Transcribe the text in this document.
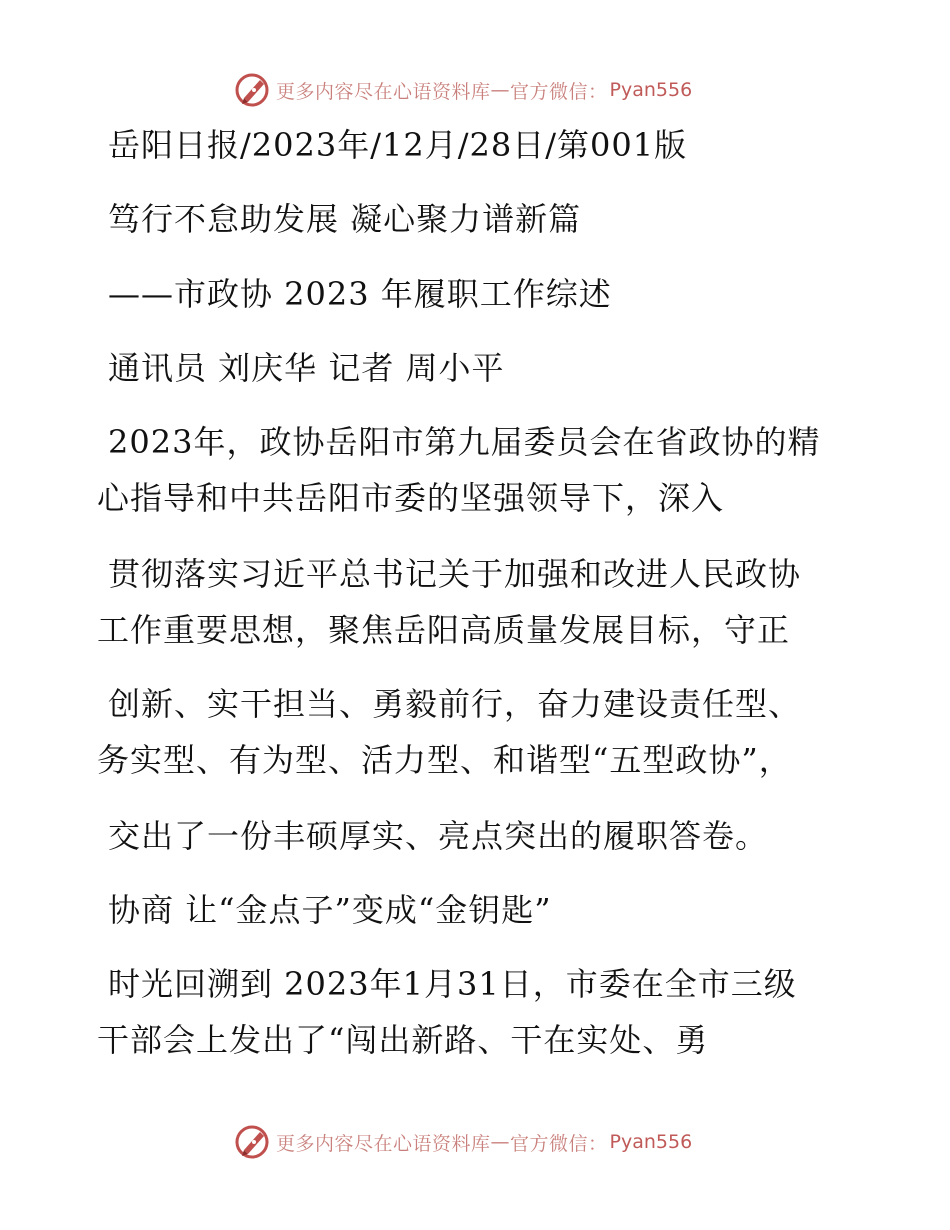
更多内容尽在心语资料库 — 官方微信： Pyan556
岳阳日报/2023年/12月/28日/第001版
笃行不怠助发展 凝心聚力谱新篇
——市政协 2023 年履职工作综述
通讯员 刘庆华 记者 周小平
2023年，政协岳阳市第九届委员会在省政协的精
心指导和中共岳阳市委的坚强领导下，深入
贯彻落实习近平总书记关于加强和改进人民政协
工作重要思想，聚焦岳阳高质量发展目标，守正
创新、实干担当、勇毅前行，奋力建设责任型、
务实型、有为型、活力型、和谐型“五型政协”，
交出了一份丰硕厚实、亮点突出的履职答卷。
协商 让“金点子”变成“金钥匙”
时光回溯到 2023年1月31日，市委在全市三级
干部会上发出了“闯出新路、干在实处、勇
更多内容尽在心语资料库 — 官方微信： Pyan556
